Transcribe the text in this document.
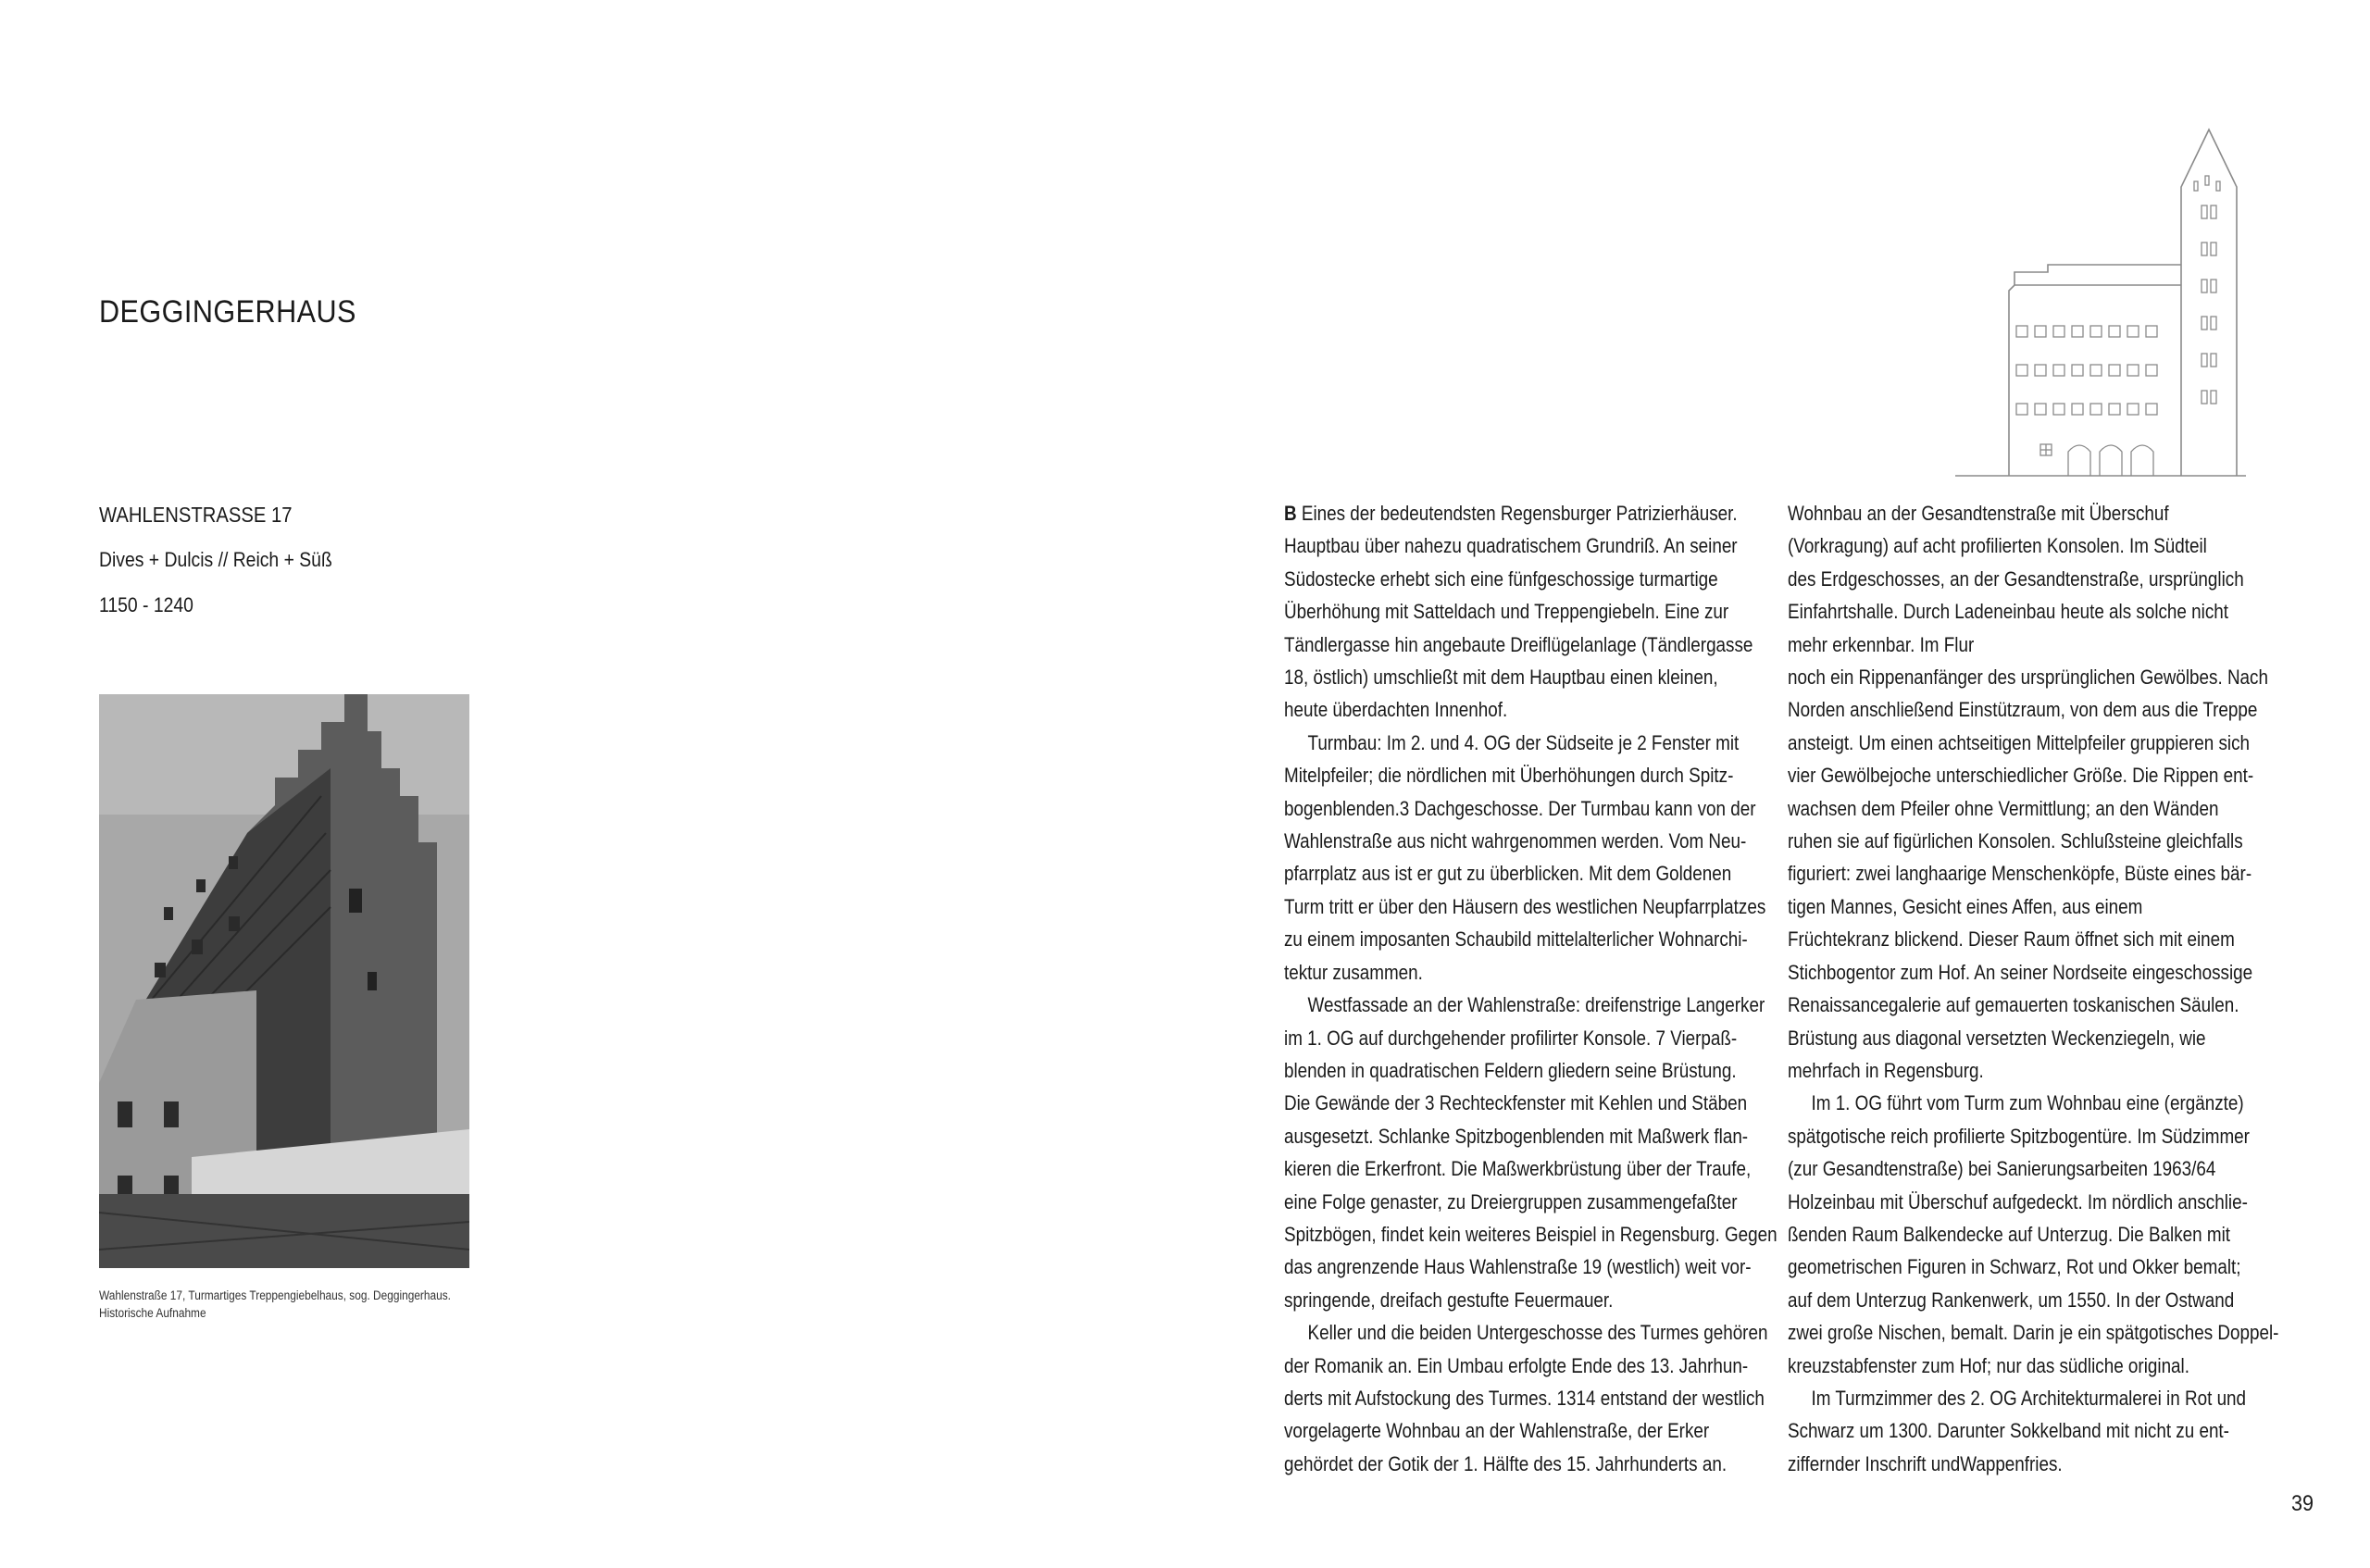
DEGGINGERHAUS
WAHLENSTRASSE 17

Dives + Dulcis // Reich + Süß

1150 - 1240

Wahlenstraße 17, Turmartiges Treppengiebelhaus, sog. Deggingerhaus.
Historische Aufnahme
B Eines der bedeutendsten Regensburger Patrizierhäuser.
Hauptbau über nahezu quadratischem Grundriß. An seiner
Südostecke erhebt sich eine fünfgeschossige turmartige
Überhöhung mit Satteldach und Treppengiebeln. Eine zur
Tändlergasse hin angebaute Dreiflügelanlage (Tändlergasse
18, östlich) umschließt mit dem Hauptbau einen kleinen,
heute überdachten Innenhof.
Turmbau: Im 2. und 4. OG der Südseite je 2 Fenster mit
Mitelpfeiler; die nördlichen mit Überhöhungen durch Spitz-
bogenblenden.3 Dachgeschosse. Der Turmbau kann von der
Wahlenstraße aus nicht wahrgenommen werden. Vom Neu-
pfarrplatz aus ist er gut zu überblicken. Mit dem Goldenen
Turm tritt er über den Häusern des westlichen Neupfarrplatzes
zu einem imposanten Schaubild mittelalterlicher Wohnarchi-
tektur zusammen.
Westfassade an der Wahlenstraße: dreifenstrige Langerker
im 1. OG auf durchgehender profilirter Konsole. 7 Vierpaß-
blenden in quadratischen Feldern gliedern seine Brüstung.
Die Gewände der 3 Rechteckfenster mit Kehlen und Stäben
ausgesetzt. Schlanke Spitzbogenblenden mit Maßwerk flan-
kieren die Erkerfront. Die Maßwerkbrüstung über der Traufe,
eine Folge genaster, zu Dreiergruppen zusammengefaßter
Spitzbögen, findet kein weiteres Beispiel in Regensburg. Gegen
das angrenzende Haus Wahlenstraße 19 (westlich) weit vor-
springende, dreifach gestufte Feuermauer.
Keller und die beiden Untergeschosse des Turmes gehören
der Romanik an. Ein Umbau erfolgte Ende des 13. Jahrhun-
derts mit Aufstockung des Turmes. 1314 entstand der westlich
vorgelagerte Wohnbau an der Wahlenstraße, der Erker
gehördet der Gotik der 1. Hälfte des 15. Jahrhunderts an.
Wohnbau an der Gesandtenstraße mit Überschuf
(Vorkragung) auf acht profilierten Konsolen. Im Südteil
des Erdgeschosses, an der Gesandtenstraße, ursprünglich
Einfahrtshalle. Durch Ladeneinbau heute als solche nicht
mehr erkennbar. Im Flur
noch ein Rippenanfänger des ursprünglichen Gewölbes. Nach
Norden anschließend Einstützraum, von dem aus die Treppe
ansteigt. Um einen achtseitigen Mittelpfeiler gruppieren sich
vier Gewölbejoche unterschiedlicher Größe. Die Rippen ent-
wachsen dem Pfeiler ohne Vermittlung; an den Wänden
ruhen sie auf figürlichen Konsolen. Schlußsteine gleichfalls
figuriert: zwei langhaarige Menschenköpfe, Büste eines bär-
tigen Mannes, Gesicht eines Affen, aus einem
Früchtekranz blickend. Dieser Raum öffnet sich mit einem
Stichbogentor zum Hof. An seiner Nordseite eingeschossige
Renaissancegalerie auf gemauerten toskanischen Säulen.
Brüstung aus diagonal versetzten Weckenziegeln, wie
mehrfach in Regensburg.
Im 1. OG führt vom Turm zum Wohnbau eine (ergänzte)
spätgotische reich profilierte Spitzbogentüre. Im Südzimmer
(zur Gesandtenstraße) bei Sanierungsarbeiten 1963/64
Holzeinbau mit Überschuf aufgedeckt. Im nördlich anschlie-
ßenden Raum Balkendecke auf Unterzug. Die Balken mit
geometrischen Figuren in Schwarz, Rot und Okker bemalt;
auf dem Unterzug Rankenwerk, um 1550. In der Ostwand
zwei große Nischen, bemalt. Darin je ein spätgotisches Doppel-
kreuzstabfenster zum Hof; nur das südliche original.
Im Turmzimmer des 2. OG Architekturmalerei in Rot und
Schwarz um 1300. Darunter Sokkelband mit nicht zu ent-
ziffernder Inschrift undWappenfries.
39
